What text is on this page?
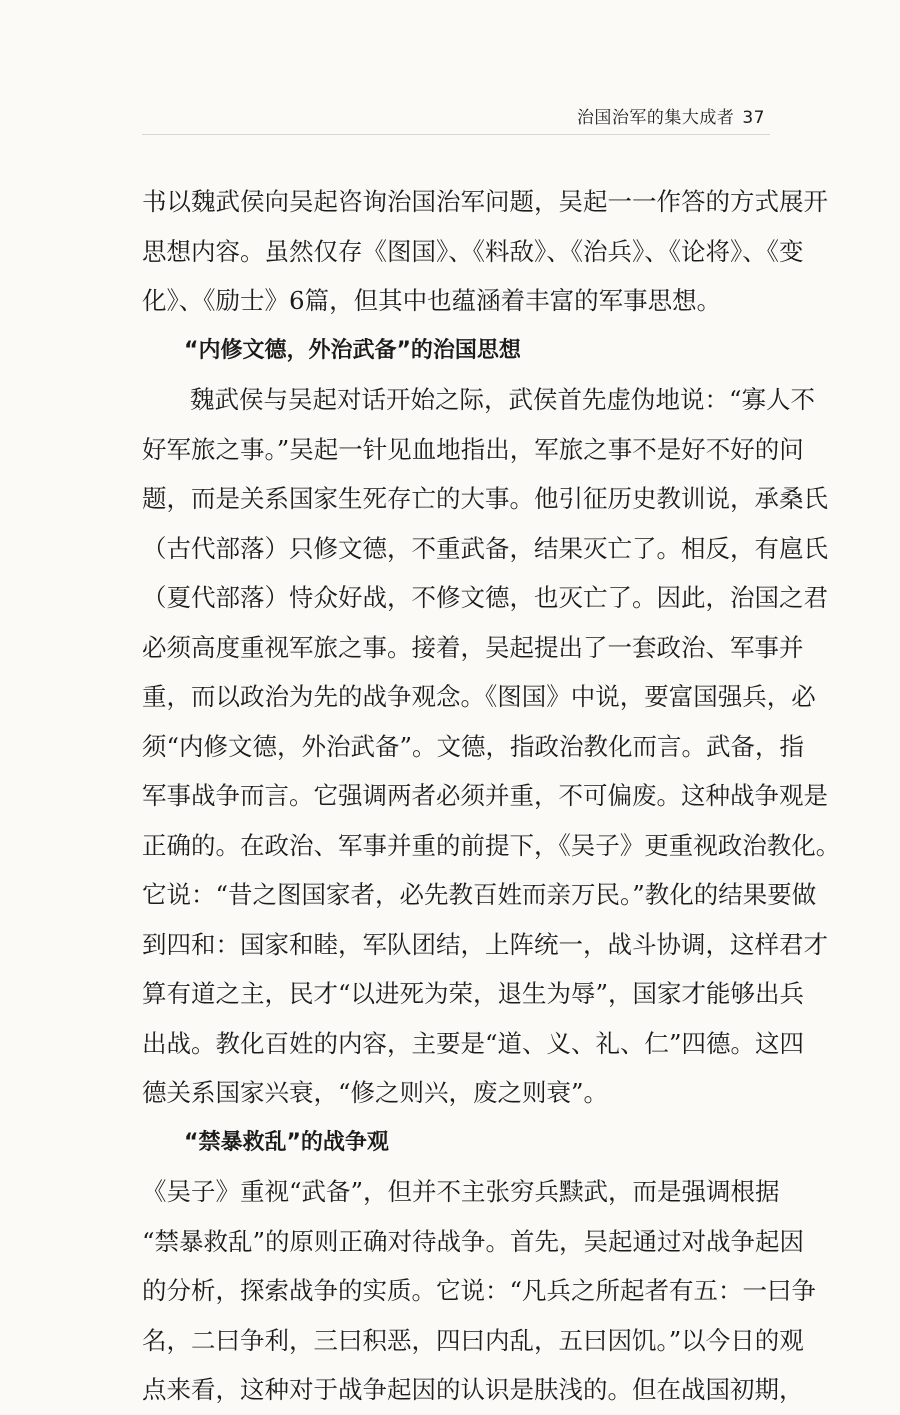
治国治军的集大成者 37
书以魏武侯向吴起咨询治国治军问题，吴起一一作答的方式展开
思想内容。虽然仅存《图国》、《料敌》、《治兵》、《论将》、《变
化》、《励士》6篇，但其中也蕴涵着丰富的军事思想。
“内修文德，外治武备”的治国思想
魏武侯与吴起对话开始之际，武侯首先虚伪地说：“寡人不
好军旅之事。”吴起一针见血地指出，军旅之事不是好不好的问
题，而是关系国家生死存亡的大事。他引征历史教训说，承桑氏
（古代部落）只修文德，不重武备，结果灭亡了。相反，有扈氏
（夏代部落）恃众好战，不修文德，也灭亡了。因此，治国之君
必须高度重视军旅之事。接着，吴起提出了一套政治、军事并
重，而以政治为先的战争观念。《图国》中说，要富国强兵，必
须“内修文德，外治武备”。文德，指政治教化而言。武备，指
军事战争而言。它强调两者必须并重，不可偏废。这种战争观是
正确的。在政治、军事并重的前提下，《吴子》更重视政治教化。
它说：“昔之图国家者，必先教百姓而亲万民。”教化的结果要做
到四和：国家和睦，军队团结，上阵统一，战斗协调，这样君才
算有道之主，民才“以进死为荣，退生为辱”，国家才能够出兵
出战。教化百姓的内容，主要是“道、义、礼、仁”四德。这四
德关系国家兴衰，“修之则兴，废之则衰”。
“禁暴救乱”的战争观
《吴子》重视“武备”，但并不主张穷兵黩武，而是强调根据
“禁暴救乱”的原则正确对待战争。首先，吴起通过对战争起因
的分析，探索战争的实质。它说：“凡兵之所起者有五：一曰争
名，二曰争利，三曰积恶，四曰内乱，五曰因饥。”以今日的观
点来看，这种对于战争起因的认识是肤浅的。但在战国初期，
